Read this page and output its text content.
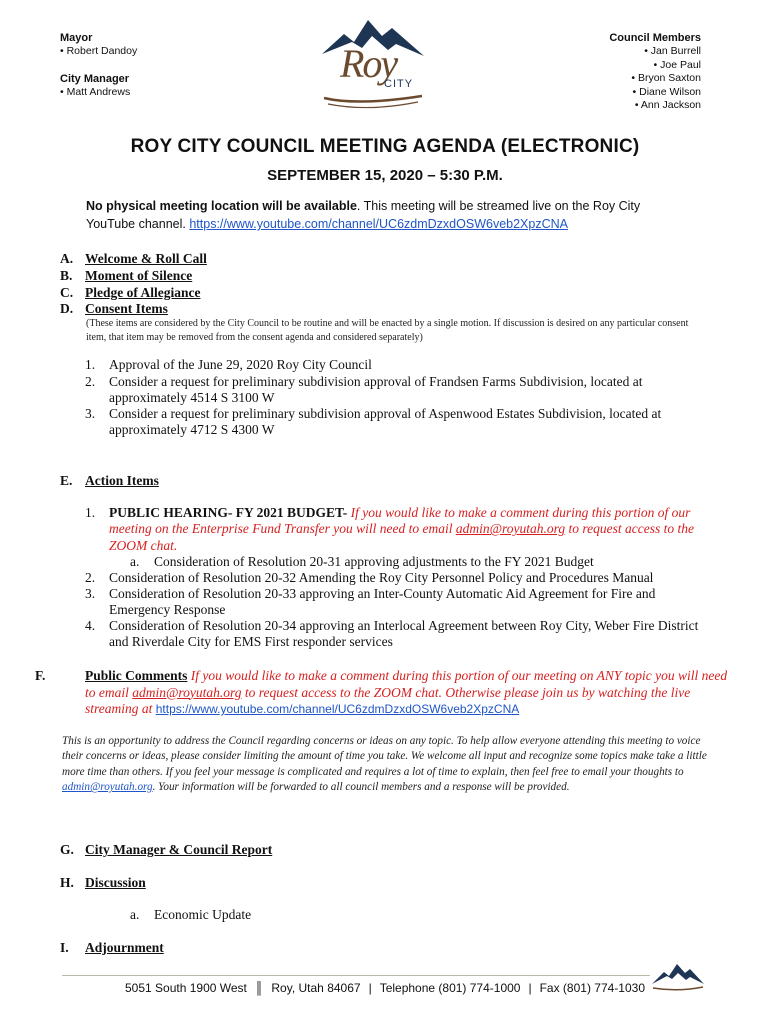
Mayor
• Robert Dandoy
City Manager
• Matt Andrews
Roy
CITY
Council Members
• Jan Burrell
• Joe Paul
• Bryon Saxton
• Diane Wilson
• Ann Jackson
ROY CITY COUNCIL MEETING AGENDA (ELECTRONIC)
SEPTEMBER 15, 2020 – 5:30 P.M.
No physical meeting location will be available. This meeting will be streamed live on the Roy City YouTube channel. https://www.youtube.com/channel/UC6zdmDzxdOSW6veb2XpzCNA
A. Welcome & Roll Call
B. Moment of Silence
C. Pledge of Allegiance
D. Consent Items
(These items are considered by the City Council to be routine and will be enacted by a single motion. If discussion is desired on any particular consent item, that item may be removed from the consent agenda and considered separately)
1. Approval of the June 29, 2020 Roy City Council
2. Consider a request for preliminary subdivision approval of Frandsen Farms Subdivision, located at approximately 4514 S 3100 W
3. Consider a request for preliminary subdivision approval of Aspenwood Estates Subdivision, located at approximately 4712 S 4300 W
E. Action Items
1. PUBLIC HEARING- FY 2021 BUDGET- If you would like to make a comment during this portion of our meeting on the Enterprise Fund Transfer you will need to email admin@royutah.org to request access to the ZOOM chat.
a. Consideration of Resolution 20-31 approving adjustments to the FY 2021 Budget
2. Consideration of Resolution 20-32 Amending the Roy City Personnel Policy and Procedures Manual
3. Consideration of Resolution 20-33 approving an Inter-County Automatic Aid Agreement for Fire and Emergency Response
4. Consideration of Resolution 20-34 approving an Interlocal Agreement between Roy City, Weber Fire District and Riverdale City for EMS First responder services
F.	Public Comments If you would like to make a comment during this portion of our meeting on ANY topic you will need to email admin@royutah.org to request access to the ZOOM chat. Otherwise please join us by watching the live streaming at https://www.youtube.com/channel/UC6zdmDzxdOSW6veb2XpzCNA
This is an opportunity to address the Council regarding concerns or ideas on any topic. To help allow everyone attending this meeting to voice their concerns or ideas, please consider limiting the amount of time you take. We welcome all input and recognize some topics make take a little more time than others. If you feel your message is complicated and requires a lot of time to explain, then feel free to email your thoughts to admin@royutah.org. Your information will be forwarded to all council members and a response will be provided.
G. City Manager & Council Report
H. Discussion
a. Economic Update
I. Adjournment
5051 South 1900 West ║ Roy, Utah 84067 | Telephone (801) 774-1000 | Fax (801) 774-1030
